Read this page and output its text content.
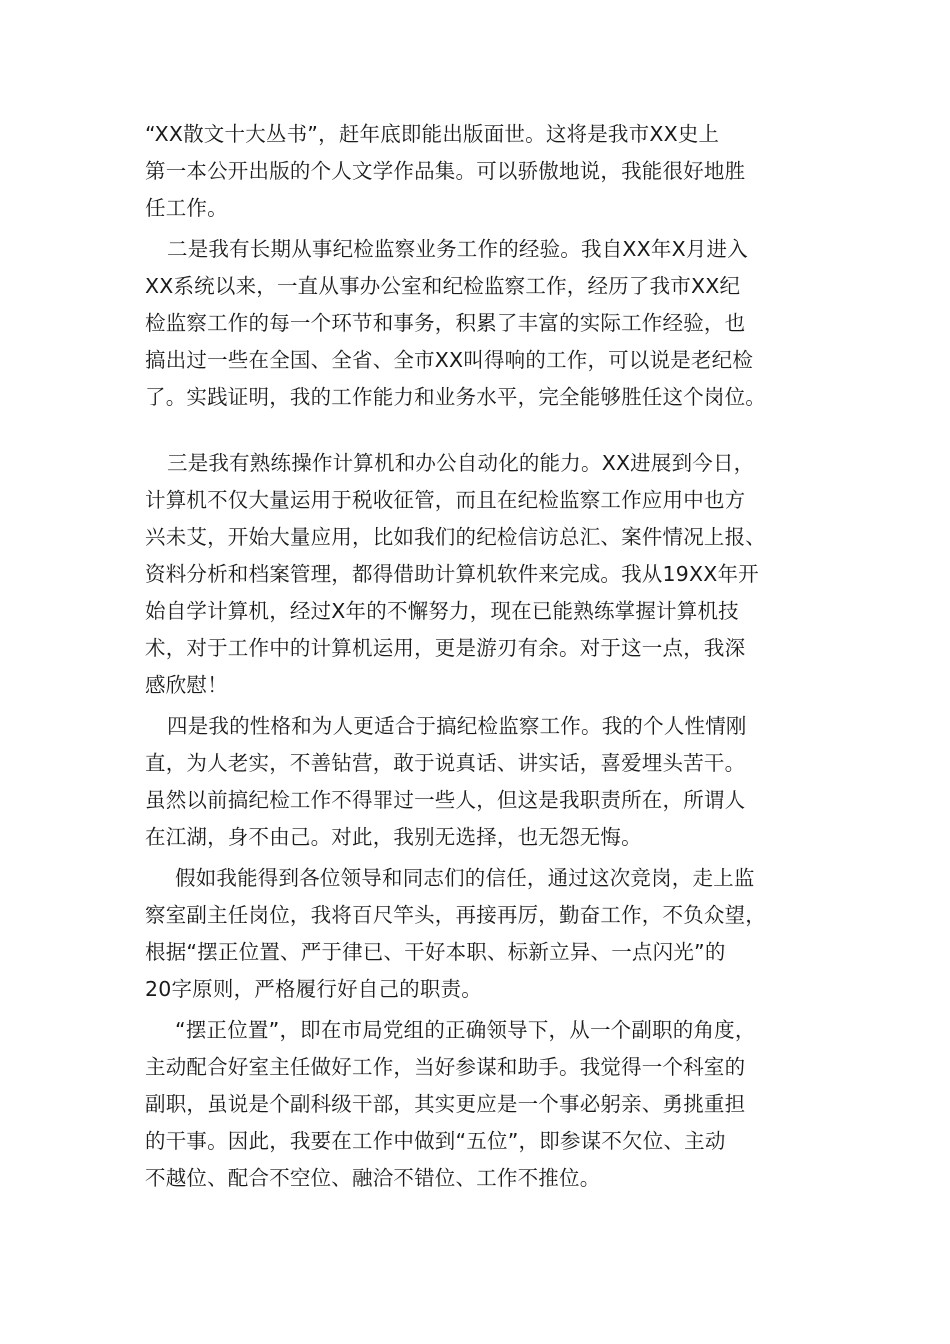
“XX散文十大丛书”，赶年底即能出版面世。这将是我市XX史上
第一本公开出版的个人文学作品集。可以骄傲地说，我能很好地胜
任工作。
二是我有长期从事纪检监察业务工作的经验。我自XX年X月进入
XX系统以来，一直从事办公室和纪检监察工作，经历了我市XX纪
检监察工作的每一个环节和事务，积累了丰富的实际工作经验，也
搞出过一些在全国、全省、全市XX叫得响的工作，可以说是老纪检
了。实践证明，我的工作能力和业务水平，完全能够胜任这个岗位。
三是我有熟练操作计算机和办公自动化的能力。XX进展到今日，
计算机不仅大量运用于税收征管，而且在纪检监察工作应用中也方
兴未艾，开始大量应用，比如我们的纪检信访总汇、案件情况上报、
资料分析和档案管理，都得借助计算机软件来完成。我从19XX年开
始自学计算机，经过X年的不懈努力，现在已能熟练掌握计算机技
术，对于工作中的计算机运用，更是游刃有余。对于这一点，我深
感欣慰！
四是我的性格和为人更适合于搞纪检监察工作。我的个人性情刚
直，为人老实，不善钻营，敢于说真话、讲实话，喜爱埋头苦干。
虽然以前搞纪检工作不得罪过一些人，但这是我职责所在，所谓人
在江湖，身不由己。对此，我别无选择，也无怨无悔。
假如我能得到各位领导和同志们的信任，通过这次竞岗，走上监
察室副主任岗位，我将百尺竿头，再接再厉，勤奋工作，不负众望，
根据“摆正位置、严于律已、干好本职、标新立异、一点闪光”的
20字原则，严格履行好自己的职责。
“摆正位置”，即在市局党组的正确领导下，从一个副职的角度，
主动配合好室主任做好工作，当好参谋和助手。我觉得一个科室的
副职，虽说是个副科级干部，其实更应是一个事必躬亲、勇挑重担
的干事。因此，我要在工作中做到“五位”，即参谋不欠位、主动
不越位、配合不空位、融洽不错位、工作不推位。
